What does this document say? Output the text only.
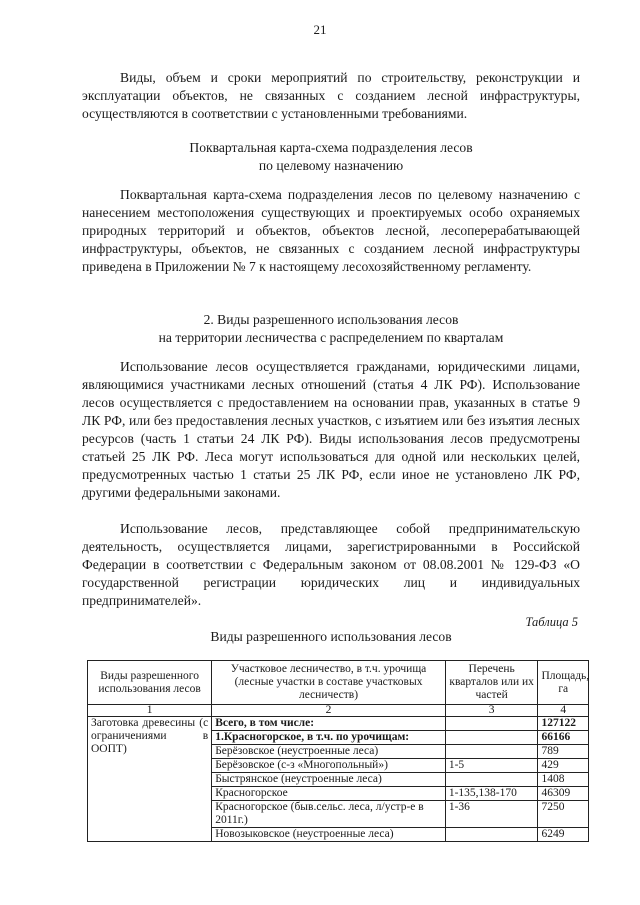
21

Виды, объем и сроки мероприятий по строительству, реконструкции и эксплуатации объектов, не связанных с созданием лесной инфраструктуры, осуществляются в соответствии с установленными требованиями.

Поквартальная карта-схема подразделения лесов
по целевому назначению

Поквартальная карта-схема подразделения лесов по целевому назначению с нанесением местоположения существующих и проектируемых особо охраняемых природных территорий и объектов, объектов лесной, лесоперерабатывающей инфраструктуры, объектов, не связанных с созданием лесной инфраструктуры приведена в Приложении № 7 к настоящему лесохозяйственному регламенту.

2. Виды разрешенного использования лесов
на территории лесничества с распределением по кварталам

Использование лесов осуществляется гражданами, юридическими лицами, являющимися участниками лесных отношений (статья 4 ЛК РФ). Использование лесов осуществляется с предоставлением на основании прав, указанных в статье 9 ЛК РФ, или без предоставления лесных участков, с изъятием или без изъятия лесных ресурсов (часть 1 статьи 24 ЛК РФ). Виды использования лесов предусмотрены статьей 25 ЛК РФ. Леса могут использоваться для одной или нескольких целей, предусмотренных частью 1 статьи 25 ЛК РФ, если иное не установлено ЛК РФ, другими федеральными законами.

Использование лесов, представляющее собой предпринимательскую деятельность, осуществляется лицами, зарегистрированными в Российской Федерации в соответствии с Федеральным законом от 08.08.2001 № 129-ФЗ «О государственной регистрации юридических лиц и индивидуальных предпринимателей».

Таблица 5
Виды разрешенного использования лесов
Виды разрешенного использования лесов	Участковое лесничество, в т.ч. урочища (лесные участки в составе участковых лесничеств)	Перечень кварталов или их частей	Площадь, га
1	2	3	4
Заготовка древесины (с ограничениями в ООПТ)	Всего, в том числе:		127122
	1.Красногорское, в т.ч. по урочищам:		66166
	Берёзовское (неустроенные леса)		789
	Берёзовское (с-з «Многопольный»)	1-5	429
	Быстрянское (неустроенные леса)		1408
	Красногорское	1-135,138-170	46309
	Красногорское (быв.сельс. леса, л/устр-е в 2011г.)	1-36	7250
	Новозыковское (неустроенные леса)		6249
